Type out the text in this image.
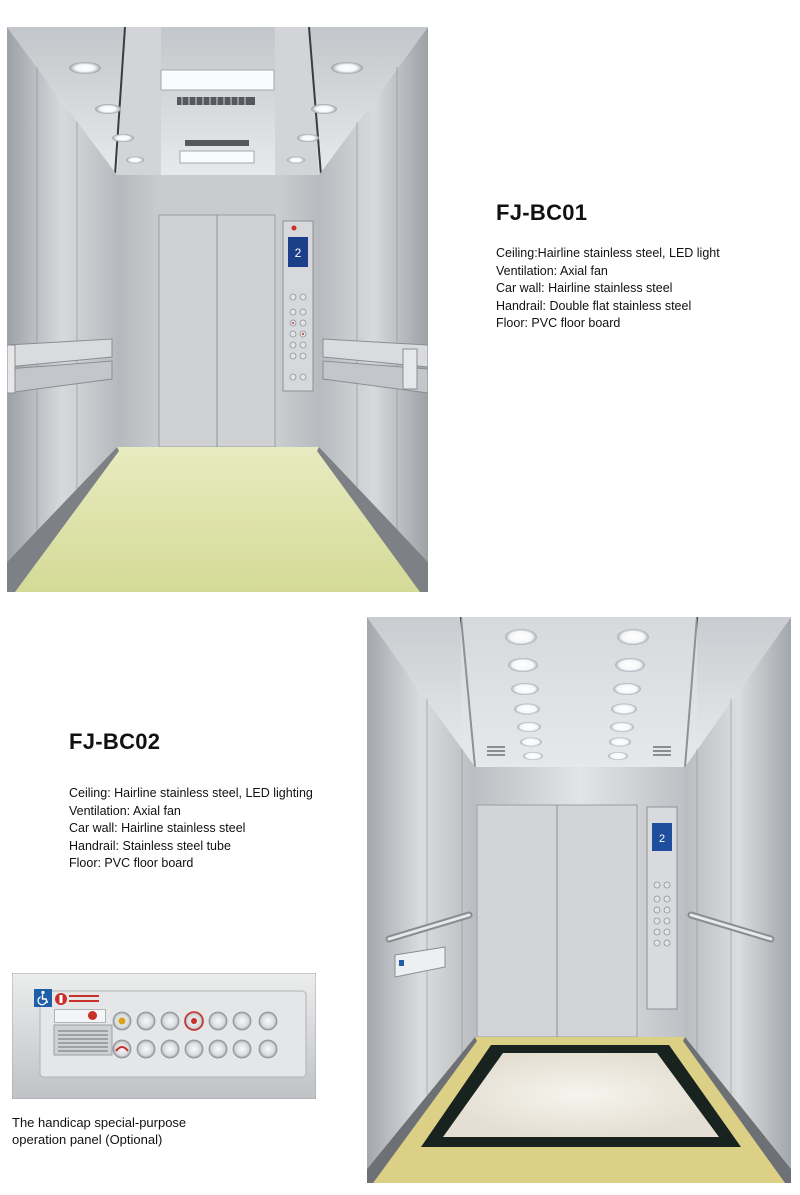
2
FJ-BC01
Ceiling:Hairline stainless steel, LED light
Ventilation: Axial fan
Car wall: Hairline stainless steel
Handrail: Double flat stainless steel
Floor: PVC floor board
FJ-BC02
Ceiling: Hairline stainless steel, LED lighting
Ventilation: Axial fan
Car wall: Hairline stainless steel
Handrail: Stainless steel tube
Floor: PVC floor board
2
The handicap special-purpose
operation panel (Optional)
